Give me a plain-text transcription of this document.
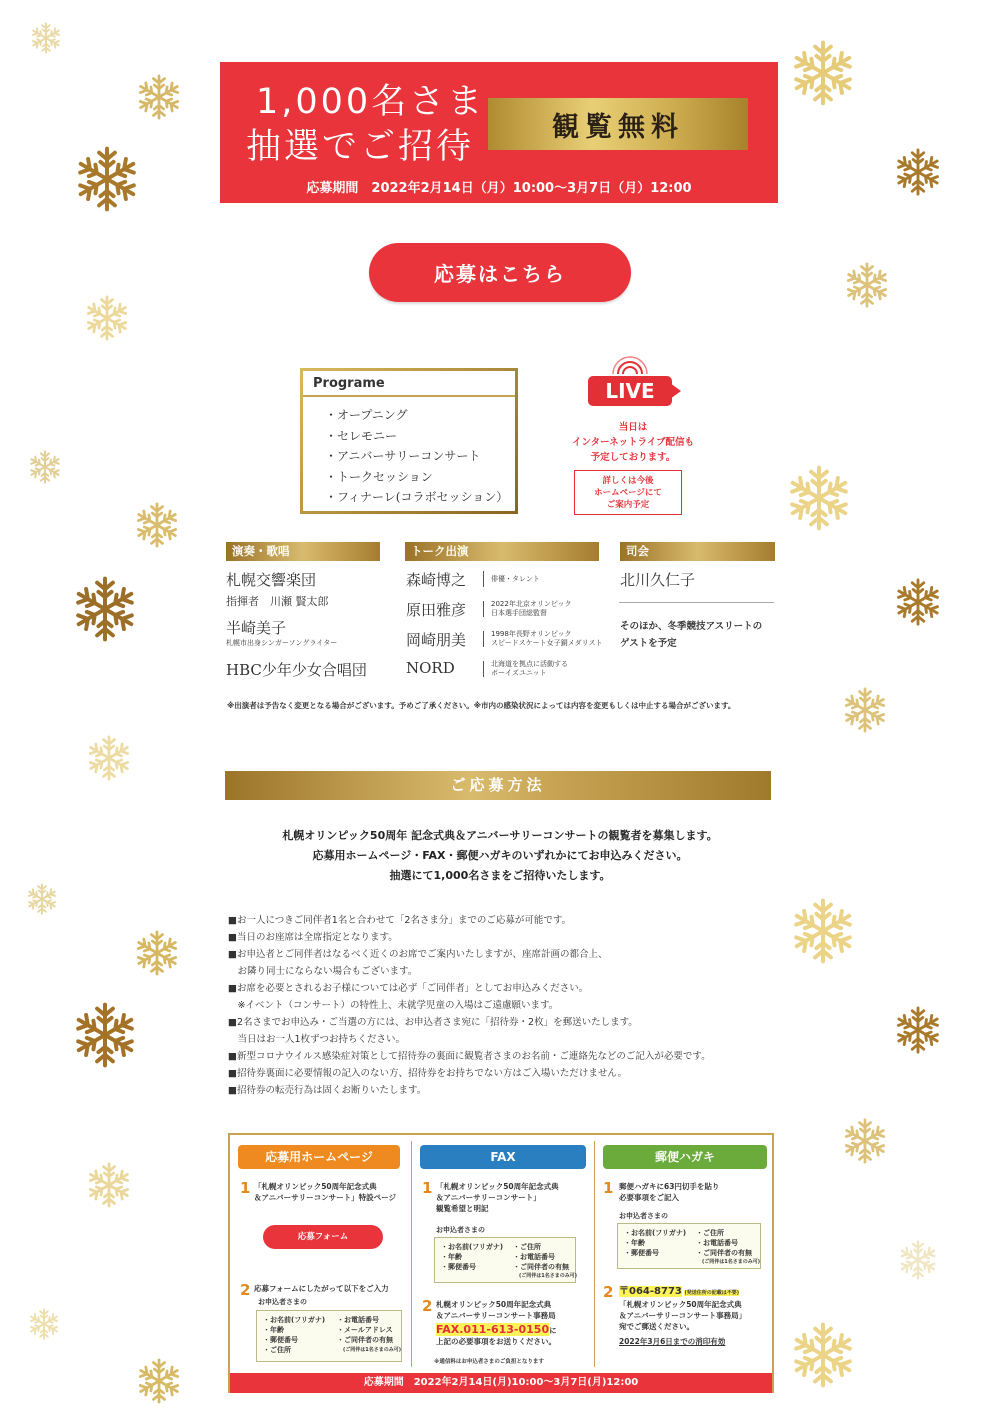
1,000名さま
抽選でご招待	観覧無料
応募期間　2022年2月14日（月）10:00〜3月7日（月）12:00
応募はこちら
Programe
・オープニング
・セレモニー
・アニバーサリーコンサート
・トークセッション
・フィナーレ(コラボセッション）
LIVE
当日は
インターネットライブ配信も
予定しております。
詳しくは今後
ホームページにて
ご案内予定
演奏・歌唱	トーク出演	司会
札幌交響楽団
指揮者　川瀬 賢太郎
半崎美子
札幌市出身シンガーソングライター
HBC少年少女合唱団
森崎博之	俳優・タレント
原田雅彦	2022年北京オリンピック
日本選手団総監督
岡崎朋美	1998年長野オリンピック
スピードスケート女子銅メダリスト
NORD	北海道を拠点に活動する
ボーイズユニット
北川久仁子
そのほか、冬季競技アスリートの
ゲストを予定
※出演者は予告なく変更となる場合がございます。予めご了承ください。※市内の感染状況によっては内容を変更もしくは中止する場合がございます。
ご応募方法
札幌オリンピック50周年 記念式典＆アニバーサリーコンサートの観覧者を募集します。
応募用ホームページ・FAX・郵便ハガキのいずれかにてお申込みください。
抽選にて1,000名さまをご招待いたします。
■お一人につきご同伴者1名と合わせて「2名さま分」までのご応募が可能です。
■当日のお座席は全席指定となります。
■お申込者とご同伴者はなるべく近くのお席でご案内いたしますが、座席計画の都合上、
　お隣り同士にならない場合もございます。
■お席を必要とされるお子様については必ず「ご同伴者」としてお申込みください。
　※イベント（コンサート）の特性上、未就学児童の入場はご遠慮願います。
■2名さまでお申込み・ご当選の方には、お申込者さま宛に「招待券・2枚」を郵送いたします。
　当日はお一人1枚ずつお持ちください。
■新型コロナウイルス感染症対策として招待券の裏面に観覧者さまのお名前・ご連絡先などのご記入が必要です。
■招待券裏面に必要情報の記入のない方、招待券をお持ちでない方はご入場いただけません。
■招待券の転売行為は固くお断りいたします。
応募用ホームページ
1 「札幌オリンピック50周年記念式典
＆アニバーサリーコンサート」特設ページ
応募フォーム
2 応募フォームにしたがって以下をご入力
お申込者さまの
・お名前(フリガナ)
・年齢
・郵便番号
・ご住所
・お電話番号
・メールアドレス
・ご同伴者の有無
(ご同伴は1名さまのみ可)
FAX
1 「札幌オリンピック50周年記念式典
＆アニバーサリーコンサート」
観覧希望と明記
お申込者さまの
・お名前(フリガナ)
・年齢
・郵便番号
・ご住所
・お電話番号
・ご同伴者の有無
(ご同伴は1名さまのみ可)
2 札幌オリンピック50周年記念式典
＆アニバーサリーコンサート事務局
FAX.011-613-0150に
上記の必要事項をお送りください。
※通信料はお申込者さまのご負担となります
郵便ハガキ
1 郵便ハガキに63円切手を貼り
必要事項をご記入
お申込者さまの
・お名前(フリガナ)
・年齢
・郵便番号
・ご住所
・お電話番号
・ご同伴者の有無
(ご同伴は1名さまのみ可)
2 〒064-8773 (発送住所の記載は不要)
「札幌オリンピック50周年記念式典
＆アニバーサリーコンサート事務局」
宛でご郵送ください。
2022年3月6日までの消印有効
応募期間　2022年2月14日(月)10:00〜3月7日(月)12:00
